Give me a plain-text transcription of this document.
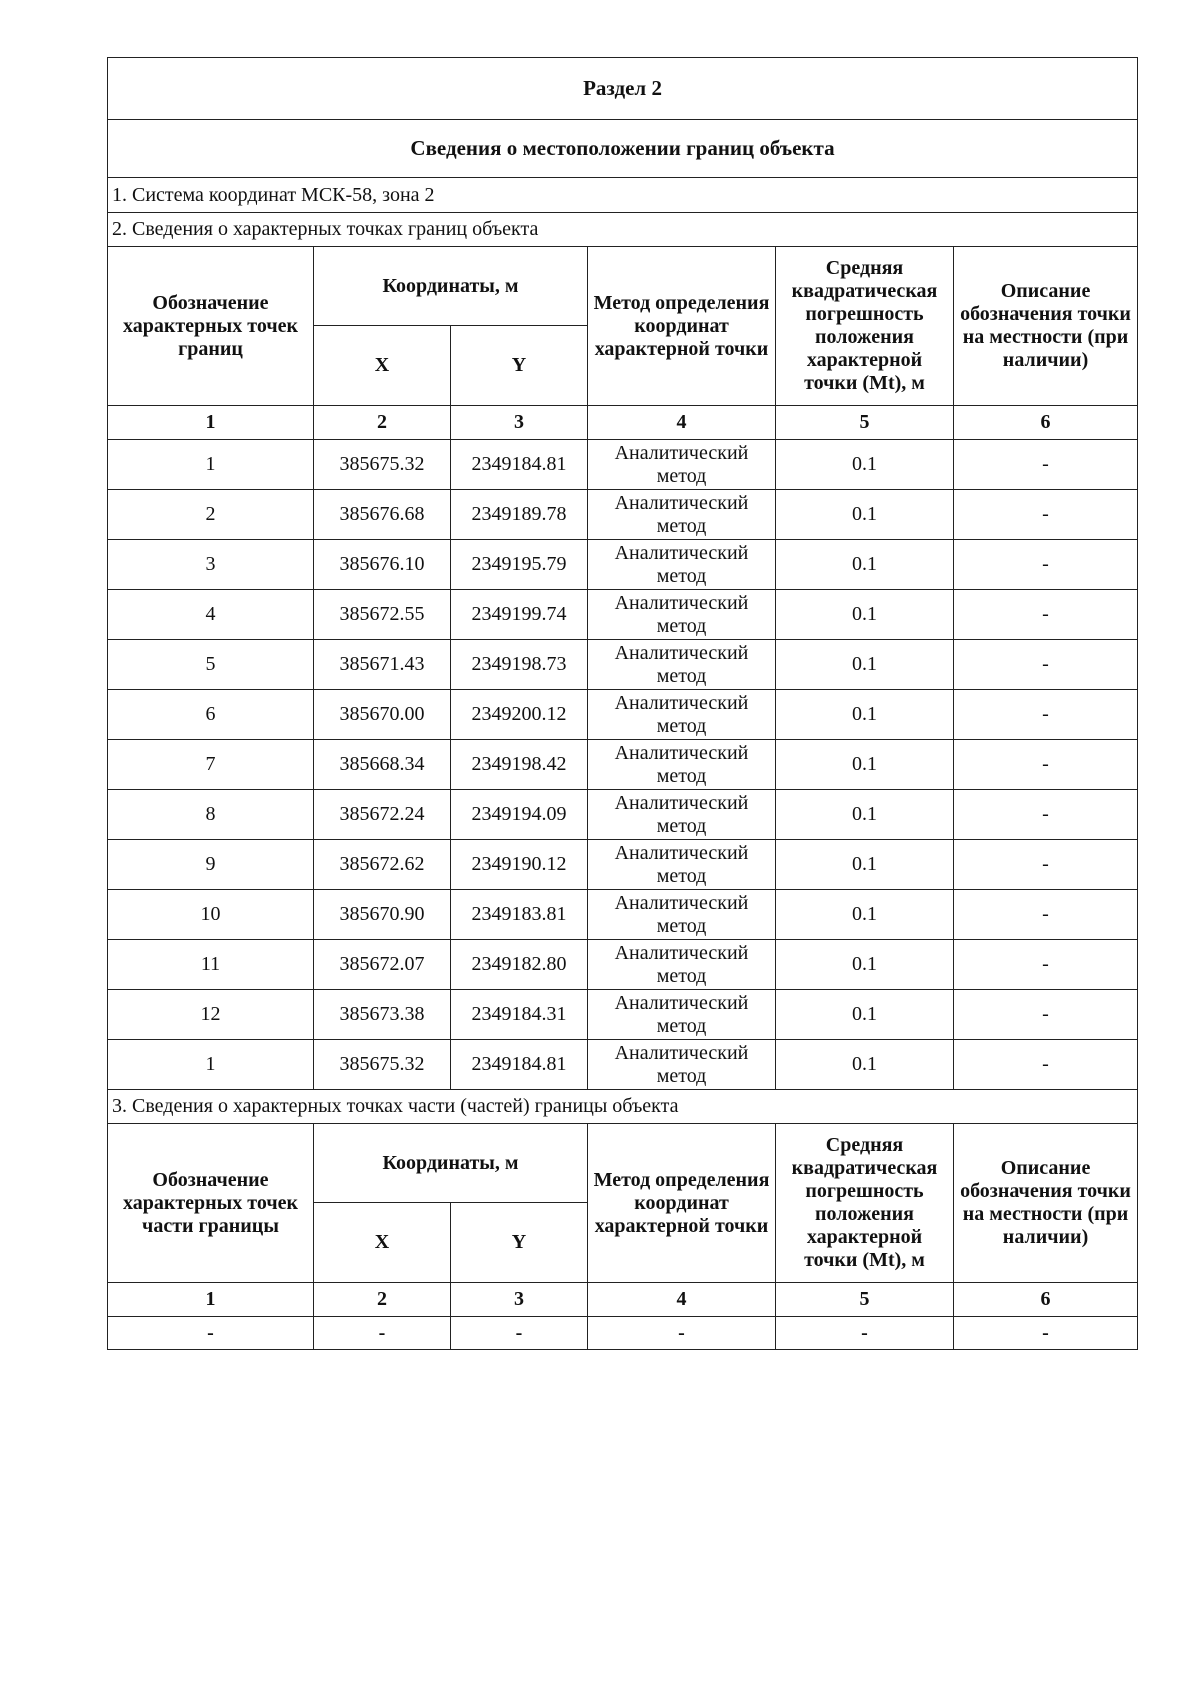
Раздел 2					
Сведения о местоположении границ объекта					
1. Система координат МСК-58, зона 2					
2. Сведения о характерных точках границ объекта					
Обозначение характерных точек границ	Координаты, м		Метод определения координат характерной точки	Средняя квадратическая погрешность положения характерной точки (Mt), м	Описание обозначения точки на местности (при наличии)
	X	Y			
1	2	3	4	5	6
1	385675.32	2349184.81	Аналитический метод	0.1	-
2	385676.68	2349189.78	Аналитический метод	0.1	-
3	385676.10	2349195.79	Аналитический метод	0.1	-
4	385672.55	2349199.74	Аналитический метод	0.1	-
5	385671.43	2349198.73	Аналитический метод	0.1	-
6	385670.00	2349200.12	Аналитический метод	0.1	-
7	385668.34	2349198.42	Аналитический метод	0.1	-
8	385672.24	2349194.09	Аналитический метод	0.1	-
9	385672.62	2349190.12	Аналитический метод	0.1	-
10	385670.90	2349183.81	Аналитический метод	0.1	-
11	385672.07	2349182.80	Аналитический метод	0.1	-
12	385673.38	2349184.31	Аналитический метод	0.1	-
1	385675.32	2349184.81	Аналитический метод	0.1	-
3. Сведения о характерных точках части (частей) границы объекта					
Обозначение характерных точек части границы	Координаты, м		Метод определения координат характерной точки	Средняя квадратическая погрешность положения характерной точки (Mt), м	Описание обозначения точки на местности (при наличии)
	X	Y			
1	2	3	4	5	6
-	-	-	-	-	-
